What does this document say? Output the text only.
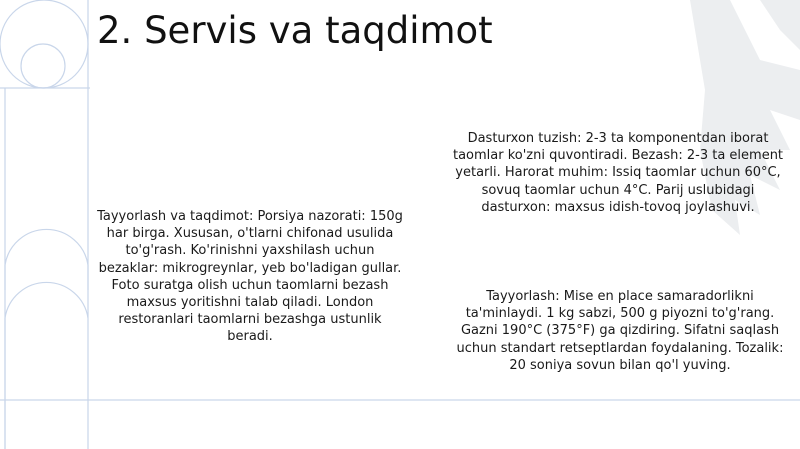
2. Servis va taqdimot

Tayyorlash va taqdimot: Porsiya nazorati: 150g har birga. Xususan, o'tlarni chifonad usulida to'g'rash. Ko'rinishni yaxshilash uchun bezaklar: mikrogreynlar, yeb bo'ladigan gullar. Foto suratga olish uchun taomlarni bezash maxsus yoritishni talab qiladi. London restoranlari taomlarni bezashga ustunlik beradi.

Dasturxon tuzish: 2-3 ta komponentdan iborat taomlar ko'zni quvontiradi. Bezash: 2-3 ta element yetarli. Harorat muhim: Issiq taomlar uchun 60°C, sovuq taomlar uchun 4°C. Parij uslubidagi dasturxon: maxsus idish-tovoq joylashuvi.

Tayyorlash: Mise en place samaradorlikni ta'minlaydi. 1 kg sabzi, 500 g piyozni to'g'rang. Gazni 190°C (375°F) ga qizdiring. Sifatni saqlash uchun standart retseptlardan foydalaning. Tozalik: 20 soniya sovun bilan qo'l yuving.
